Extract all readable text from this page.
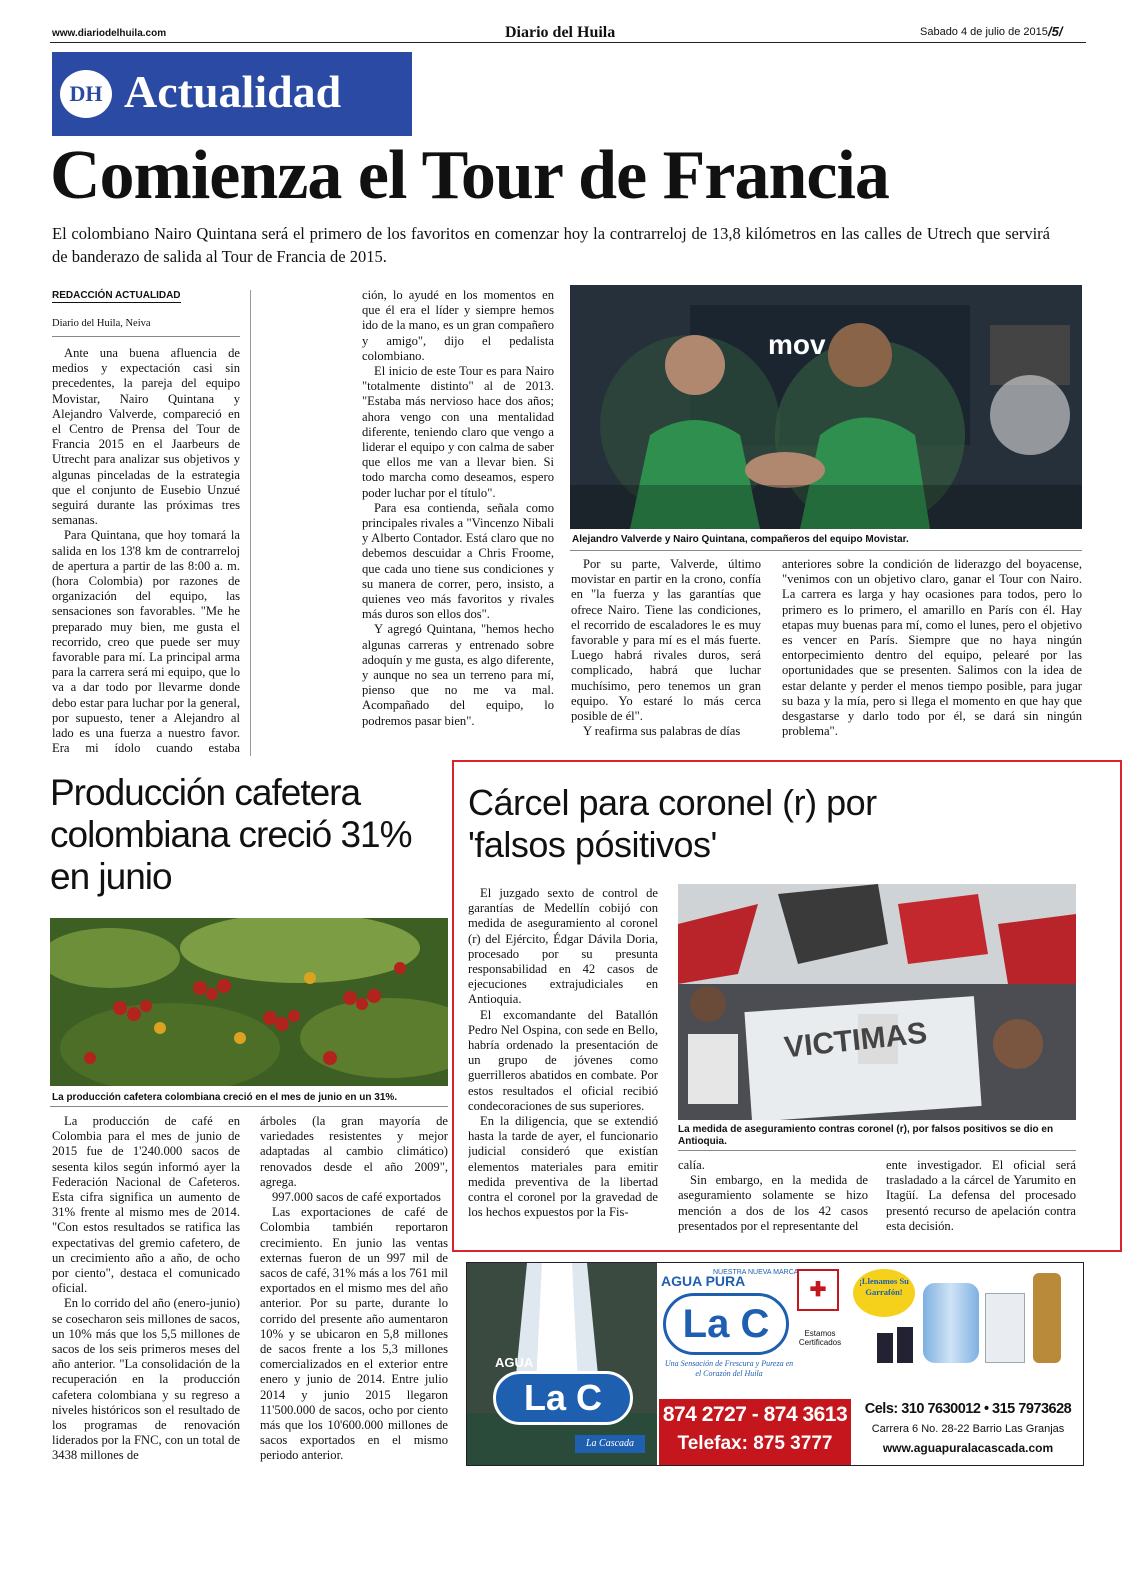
www.diariodelhuila.com	Diario del Huila	Sabado 4 de julio de 2015 /5/
DH Actualidad
Comienza el Tour de Francia
El colombiano Nairo Quintana será el primero de los favoritos en comenzar hoy la contrarreloj de 13,8 kilómetros en las calles de Utrech que servirá de banderazo de salida al Tour de Francia de 2015.
REDACCIÓN ACTUALIDAD
Diario del Huila, Neiva

Ante una buena afluencia de medios y expectación casi sin precedentes, la pareja del equipo Movistar, Nairo Quintana y Alejandro Valverde, compareció en el Centro de Prensa del Tour de Francia 2015 en el Jaarbeurs de Utrecht para analizar sus objetivos y algunas pinceladas de la estrategia que el conjunto de Eusebio Unzué seguirá durante las próximas tres semanas.

Para Quintana, que hoy tomará la salida en los 13'8 km de contrarreloj de apertura a partir de las 8:00 a. m. (hora Colombia) por razones de organización del equipo, las sensaciones son favorables. "Me he preparado muy bien, me gusta el recorrido, creo que puede ser muy favorable para mí. La principal arma para la carrera será mi equipo, que lo va a dar todo por llevarme donde debo estar para luchar por la general, por supuesto, tener a Alejandro al lado es una fuerza a nuestro favor. Era mi ídolo cuando estaba

ción, lo ayudé en los momentos en que él era el líder y siempre hemos ido de la mano, es un gran compañero y amigo", dijo el pedalista colombiano.

El inicio de este Tour es para Nairo "totalmente distinto" al de 2013. "Estaba más nervioso hace dos años; ahora vengo con una mentalidad diferente, teniendo claro que vengo a liderar el equipo y con calma de saber que ellos me van a llevar bien. Si todo marcha como deseamos, espero poder luchar por el título".

Para esa contienda, señala como principales rivales a "Vincenzo Nibali y Alberto Contador. Está claro que no debemos descuidar a Chris Froome, que cada uno tiene sus condiciones y su manera de correr, pero, insisto, a quienes veo más favoritos y rivales más duros son ellos dos".

Y agregó Quintana, "hemos hecho algunas carreras y entrenado sobre adoquín y me gusta, es algo diferente, y aunque no sea un terreno para mí, pienso que no me va mal. Acompañado del equipo, lo podremos pasar bien".

mov
Alejandro Valverde y Nairo Quintana, compañeros del equipo Movistar.

Por su parte, Valverde, último movistar en partir en la crono, confía en "la fuerza y las garantías que ofrece Nairo. Tiene las condiciones, el recorrido de escaladores le es muy favorable y para mí es el más fuerte. Luego habrá rivales duros, será complicado, habrá que luchar muchísimo, pero tenemos un gran equipo. Yo estaré lo más cerca posible de él".

Y reafirma sus palabras de días

anteriores sobre la condición de liderazgo del boyacense, "venimos con un objetivo claro, ganar el Tour con Nairo. La carrera es larga y hay ocasiones para todos, pero lo primero es lo primero, el amarillo en París con él. Hay etapas muy buenas para mí, como el lunes, pero el objetivo es vencer en París. Siempre que no haya ningún entorpecimiento dentro del equipo, pelearé por las oportunidades que se presenten. Salimos con la idea de estar delante y perder el menos tiempo posible, para jugar su baza y la mía, pero si llega el momento en que hay que desgastarse y darlo todo por él, se dará sin ningún problema".

Producción cafetera colombiana creció 31% en junio
La producción cafetera colombiana creció en el mes de junio en un 31%.

La producción de café en Colombia para el mes de junio de 2015 fue de 1'240.000 sacos de sesenta kilos según informó ayer la Federación Nacional de Cafeteros. Esta cifra significa un aumento de 31% frente al mismo mes de 2014. "Con estos resultados se ratifica las expectativas del gremio cafetero, de un crecimiento año a año, de ocho por ciento", destaca el comunicado oficial.

En lo corrido del año (enero-junio) se cosecharon seis millones de sacos, un 10% más que los 5,5 millones de sacos de los seis primeros meses del año anterior. "La consolidación de la recuperación en la producción cafetera colombiana y su regreso a niveles históricos son el resultado de los programas de renovación liderados por la FNC, con un total de 3438 millones de

árboles (la gran mayoría de variedades resistentes y mejor adaptadas al cambio climático) renovados desde el año 2009", agrega.

997.000 sacos de café exportados

Las exportaciones de café de Colombia también reportaron crecimiento. En junio las ventas externas fueron de un 997 mil de sacos de café, 31% más a los 761 mil exportados en el mismo mes del año anterior. Por su parte, durante lo corrido del presente año aumentaron 10% y se ubicaron en 5,8 millones de sacos frente a los 5,3 millones comercializados en el exterior entre enero y junio de 2014. Entre julio 2014 y junio 2015 llegaron 11'500.000 de sacos, ocho por ciento más que los 10'600.000 millones de sacos exportados en el mismo periodo anterior.

Cárcel para coronel (r) por 'falsos pósitivos'

El juzgado sexto de control de garantías de Medellín cobijó con medida de aseguramiento al coronel (r) del Ejército, Édgar Dávila Doria, procesado por su presunta responsabilidad en 42 casos de ejecuciones extrajudiciales en Antioquia.

El excomandante del Batallón Pedro Nel Ospina, con sede en Bello, habría ordenado la presentación de un grupo de jóvenes como guerrilleros abatidos en combate. Por estos resultados el oficial recibió condecoraciones de sus superiores.

En la diligencia, que se extendió hasta la tarde de ayer, el funcionario judicial consideró que existían elementos materiales para emitir medida preventiva de la libertad contra el coronel por la gravedad de los hechos expuestos por la Fis-

VICTIMAS
La medida de aseguramiento contras coronel (r), por falsos positivos se dio en Antioquia.

calía.

Sin embargo, en la medida de aseguramiento solamente se hizo mención a dos de los 42 casos presentados por el representante del

ente investigador. El oficial será trasladado a la cárcel de Yarumito en Itagüí. La defensa del procesado presentó recurso de apelación contra esta decisión.

AGUA PURA
La C
La Cascada
AGUA PURA
NUESTRA NUEVA MARCA
La C
Una Sensación de Frescura y Pureza en el Corazón del Huila
✚
Estamos Certificados
¡Llenamos Su Garrafón!
874 2727 - 874 3613
Telefax: 875 3777
Cels: 310 7630012 • 315 7973628
Carrera 6 No. 28-22 Barrio Las Granjas
www.aguapuralacascada.com
